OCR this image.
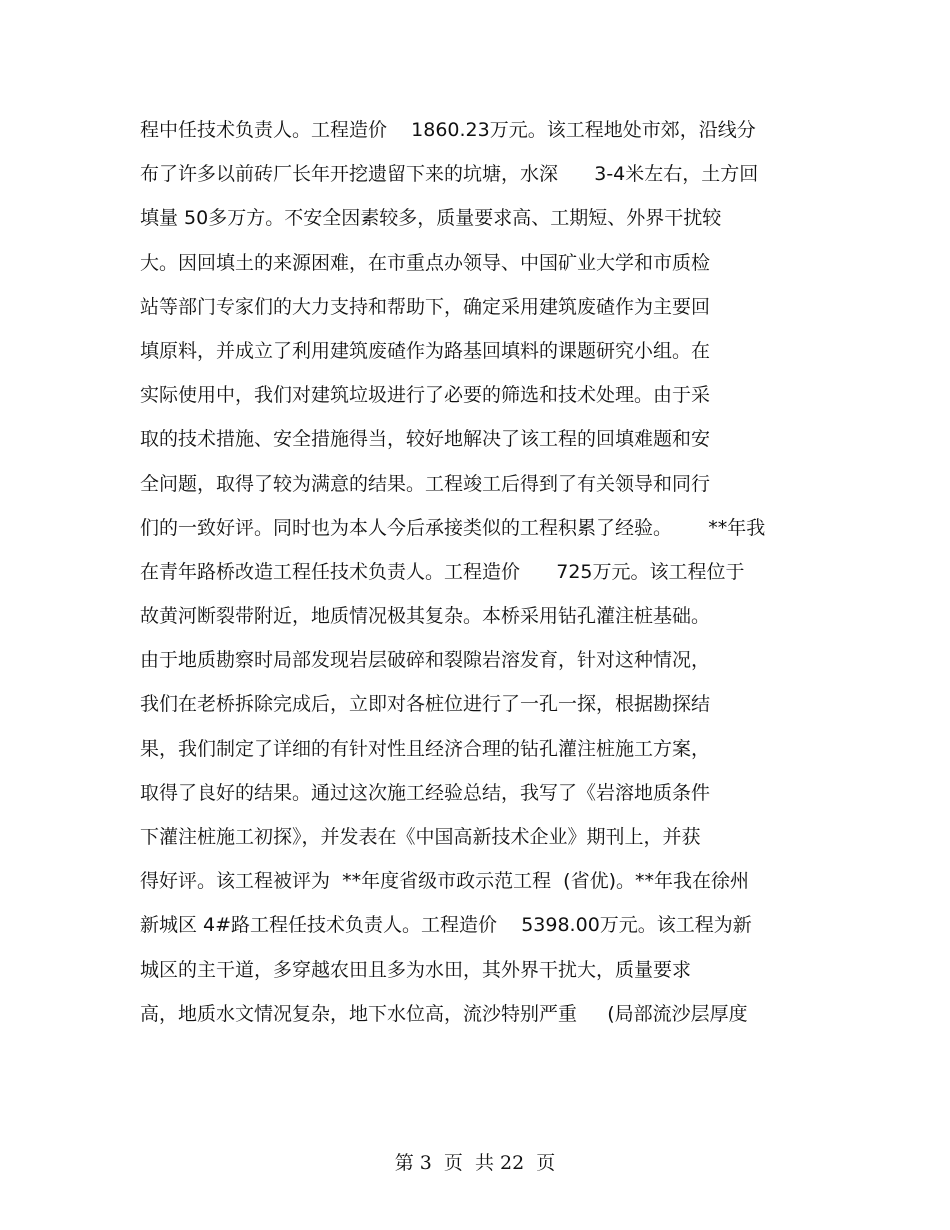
程中任技术负责人。工程造价    1860.23万元。该工程地处市郊，沿线分
布了许多以前砖厂长年开挖遗留下来的坑塘，水深      3-4米左右，土方回
填量 50多万方。不安全因素较多，质量要求高、工期短、外界干扰较
大。因回填土的来源困难，在市重点办领导、中国矿业大学和市质检
站等部门专家们的大力支持和帮助下，确定采用建筑废碴作为主要回
填原料，并成立了利用建筑废碴作为路基回填料的课题研究小组。在
实际使用中，我们对建筑垃圾进行了必要的筛选和技术处理。由于采
取的技术措施、安全措施得当，较好地解决了该工程的回填难题和安
全问题，取得了较为满意的结果。工程竣工后得到了有关领导和同行
们的一致好评。同时也为本人今后承接类似的工程积累了经验。      **年我
在青年路桥改造工程任技术负责人。工程造价      725万元。该工程位于
故黄河断裂带附近，地质情况极其复杂。本桥采用钻孔灌注桩基础。
由于地质勘察时局部发现岩层破碎和裂隙岩溶发育，针对这种情况，
我们在老桥拆除完成后，立即对各桩位进行了一孔一探，根据勘探结
果，我们制定了详细的有针对性且经济合理的钻孔灌注桩施工方案，
取得了良好的结果。通过这次施工经验总结，我写了《岩溶地质条件
下灌注桩施工初探》，并发表在《中国高新技术企业》期刊上，并获
得好评。该工程被评为  **年度省级市政示范工程  (省优)。**年我在徐州
新城区 4#路工程任技术负责人。工程造价    5398.00万元。该工程为新
城区的主干道，多穿越农田且多为水田，其外界干扰大，质量要求
高，地质水文情况复杂，地下水位高，流沙特别严重     (局部流沙层厚度
第 3  页  共 22  页
